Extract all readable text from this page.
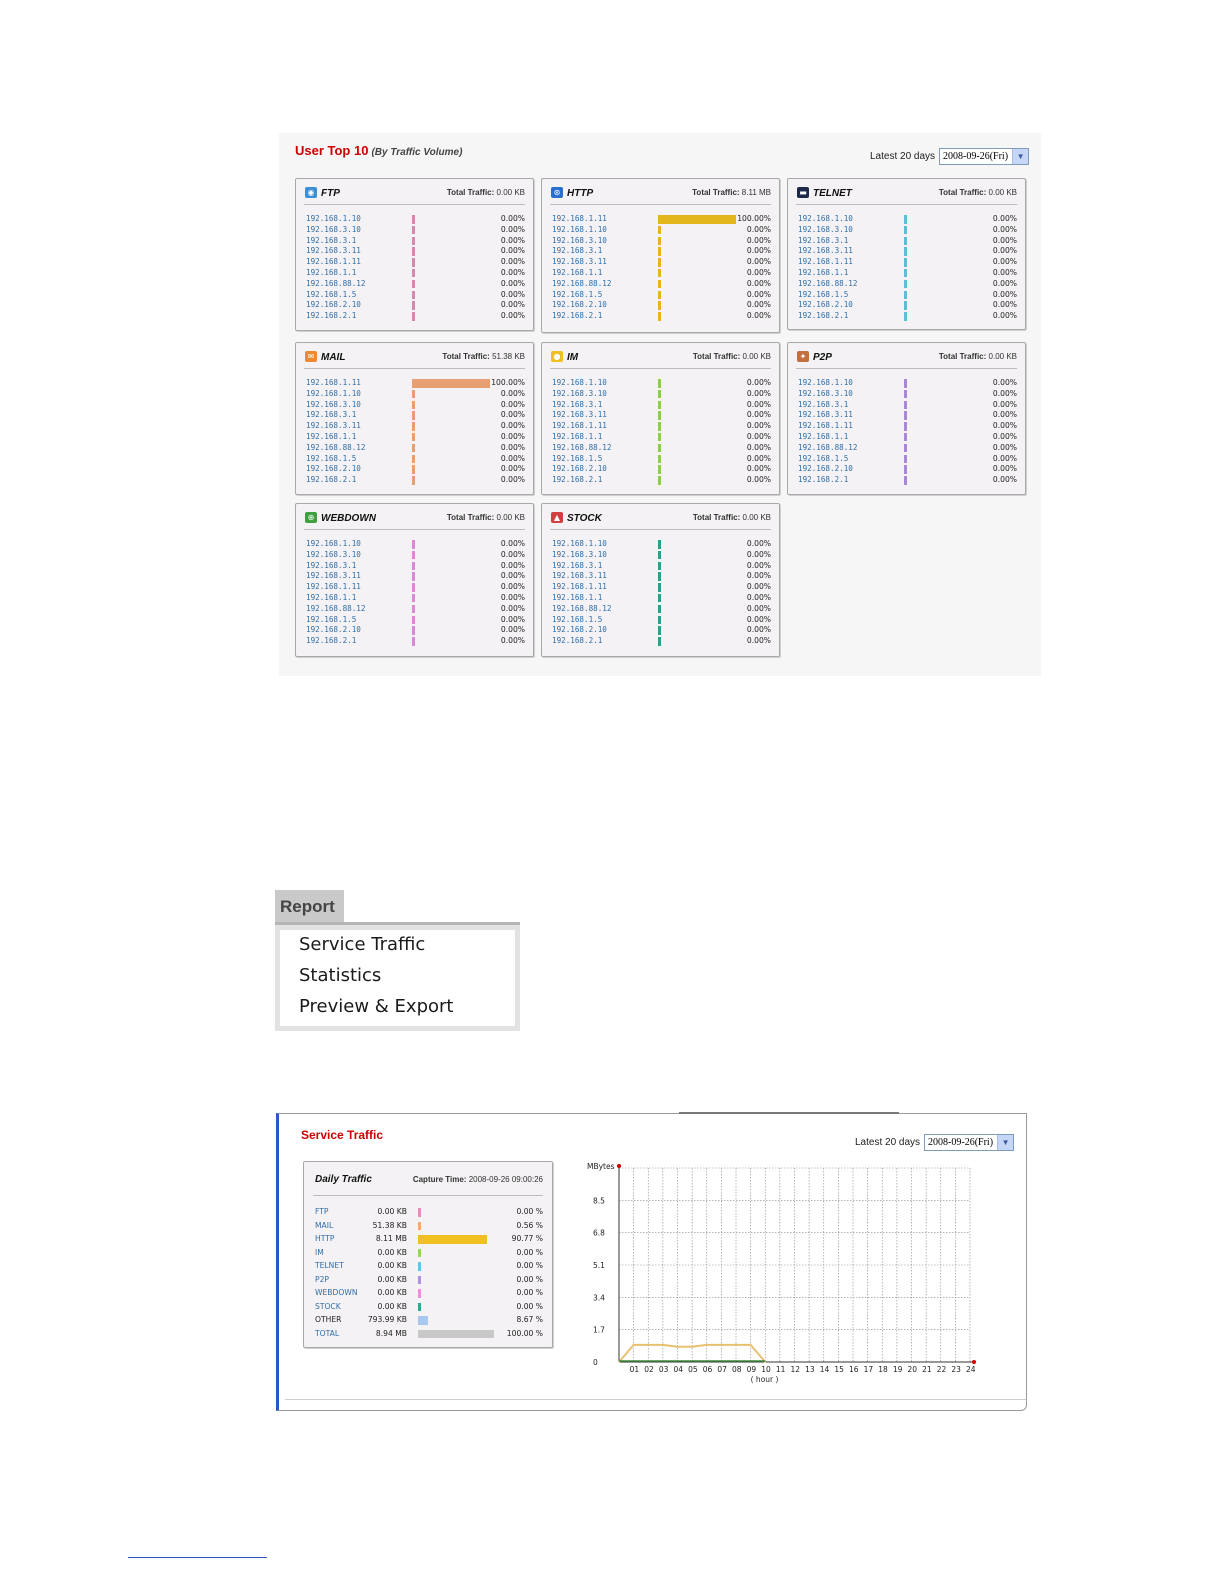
User Top 10 (By Traffic Volume)	Latest 20 days 2008-09-26(Fri)	▼
◉ FTP	Total Traffic: 0.00 KB
192.168.1.10	0.00%
192.168.3.10	0.00%
192.168.3.1	0.00%
192.168.3.11	0.00%
192.168.1.11	0.00%
192.168.1.1	0.00%
192.168.88.12	0.00%
192.168.1.5	0.00%
192.168.2.10	0.00%
192.168.2.1	0.00%
⊛ HTTP	Total Traffic: 8.11 MB
192.168.1.11	100.00%
192.168.1.10	0.00%
192.168.3.10	0.00%
192.168.3.1	0.00%
192.168.3.11	0.00%
192.168.1.1	0.00%
192.168.88.12	0.00%
192.168.1.5	0.00%
192.168.2.10	0.00%
192.168.2.1	0.00%
▬ TELNET	Total Traffic: 0.00 KB
192.168.1.10	0.00%
192.168.3.10	0.00%
192.168.3.1	0.00%
192.168.3.11	0.00%
192.168.1.11	0.00%
192.168.1.1	0.00%
192.168.88.12	0.00%
192.168.1.5	0.00%
192.168.2.10	0.00%
192.168.2.1	0.00%
✉ MAIL	Total Traffic: 51.38 KB
192.168.1.11	100.00%
192.168.1.10	0.00%
192.168.3.10	0.00%
192.168.3.1	0.00%
192.168.3.11	0.00%
192.168.1.1	0.00%
192.168.88.12	0.00%
192.168.1.5	0.00%
192.168.2.10	0.00%
192.168.2.1	0.00%
● IM	Total Traffic: 0.00 KB
192.168.1.10	0.00%
192.168.3.10	0.00%
192.168.3.1	0.00%
192.168.3.11	0.00%
192.168.1.11	0.00%
192.168.1.1	0.00%
192.168.88.12	0.00%
192.168.1.5	0.00%
192.168.2.10	0.00%
192.168.2.1	0.00%
✦ P2P	Total Traffic: 0.00 KB
192.168.1.10	0.00%
192.168.3.10	0.00%
192.168.3.1	0.00%
192.168.3.11	0.00%
192.168.1.11	0.00%
192.168.1.1	0.00%
192.168.88.12	0.00%
192.168.1.5	0.00%
192.168.2.10	0.00%
192.168.2.1	0.00%
⊕ WEBDOWN	Total Traffic: 0.00 KB
192.168.1.10	0.00%
192.168.3.10	0.00%
192.168.3.1	0.00%
192.168.3.11	0.00%
192.168.1.11	0.00%
192.168.1.1	0.00%
192.168.88.12	0.00%
192.168.1.5	0.00%
192.168.2.10	0.00%
192.168.2.1	0.00%
▲ STOCK	Total Traffic: 0.00 KB
192.168.1.10	0.00%
192.168.3.10	0.00%
192.168.3.1	0.00%
192.168.3.11	0.00%
192.168.1.11	0.00%
192.168.1.1	0.00%
192.168.88.12	0.00%
192.168.1.5	0.00%
192.168.2.10	0.00%
192.168.2.1	0.00%
Report
Service Traffic
Statistics
Preview & Export
Service Traffic
Latest 20 days 2008-09-26(Fri)	▼
Daily Traffic	Capture Time: 2008-09-26 09:00:26
FTP	0.00 KB	0.00 %
MAIL	51.38 KB	0.56 %
HTTP	8.11 MB	90.77 %
IM	0.00 KB	0.00 %
TELNET	0.00 KB	0.00 %
P2P	0.00 KB	0.00 %
WEBDOWN	0.00 KB	0.00 %
STOCK	0.00 KB	0.00 %
OTHER	793.99 KB	8.67 %
TOTAL	8.94 MB	100.00 %
MBytes
0
1.7
3.4
5.1
6.8
8.5
01 02 03 04 05 06 07 08 09 10 11 12 13 14 15 16 17 18 19 20 21 22 23 24
( hour )
